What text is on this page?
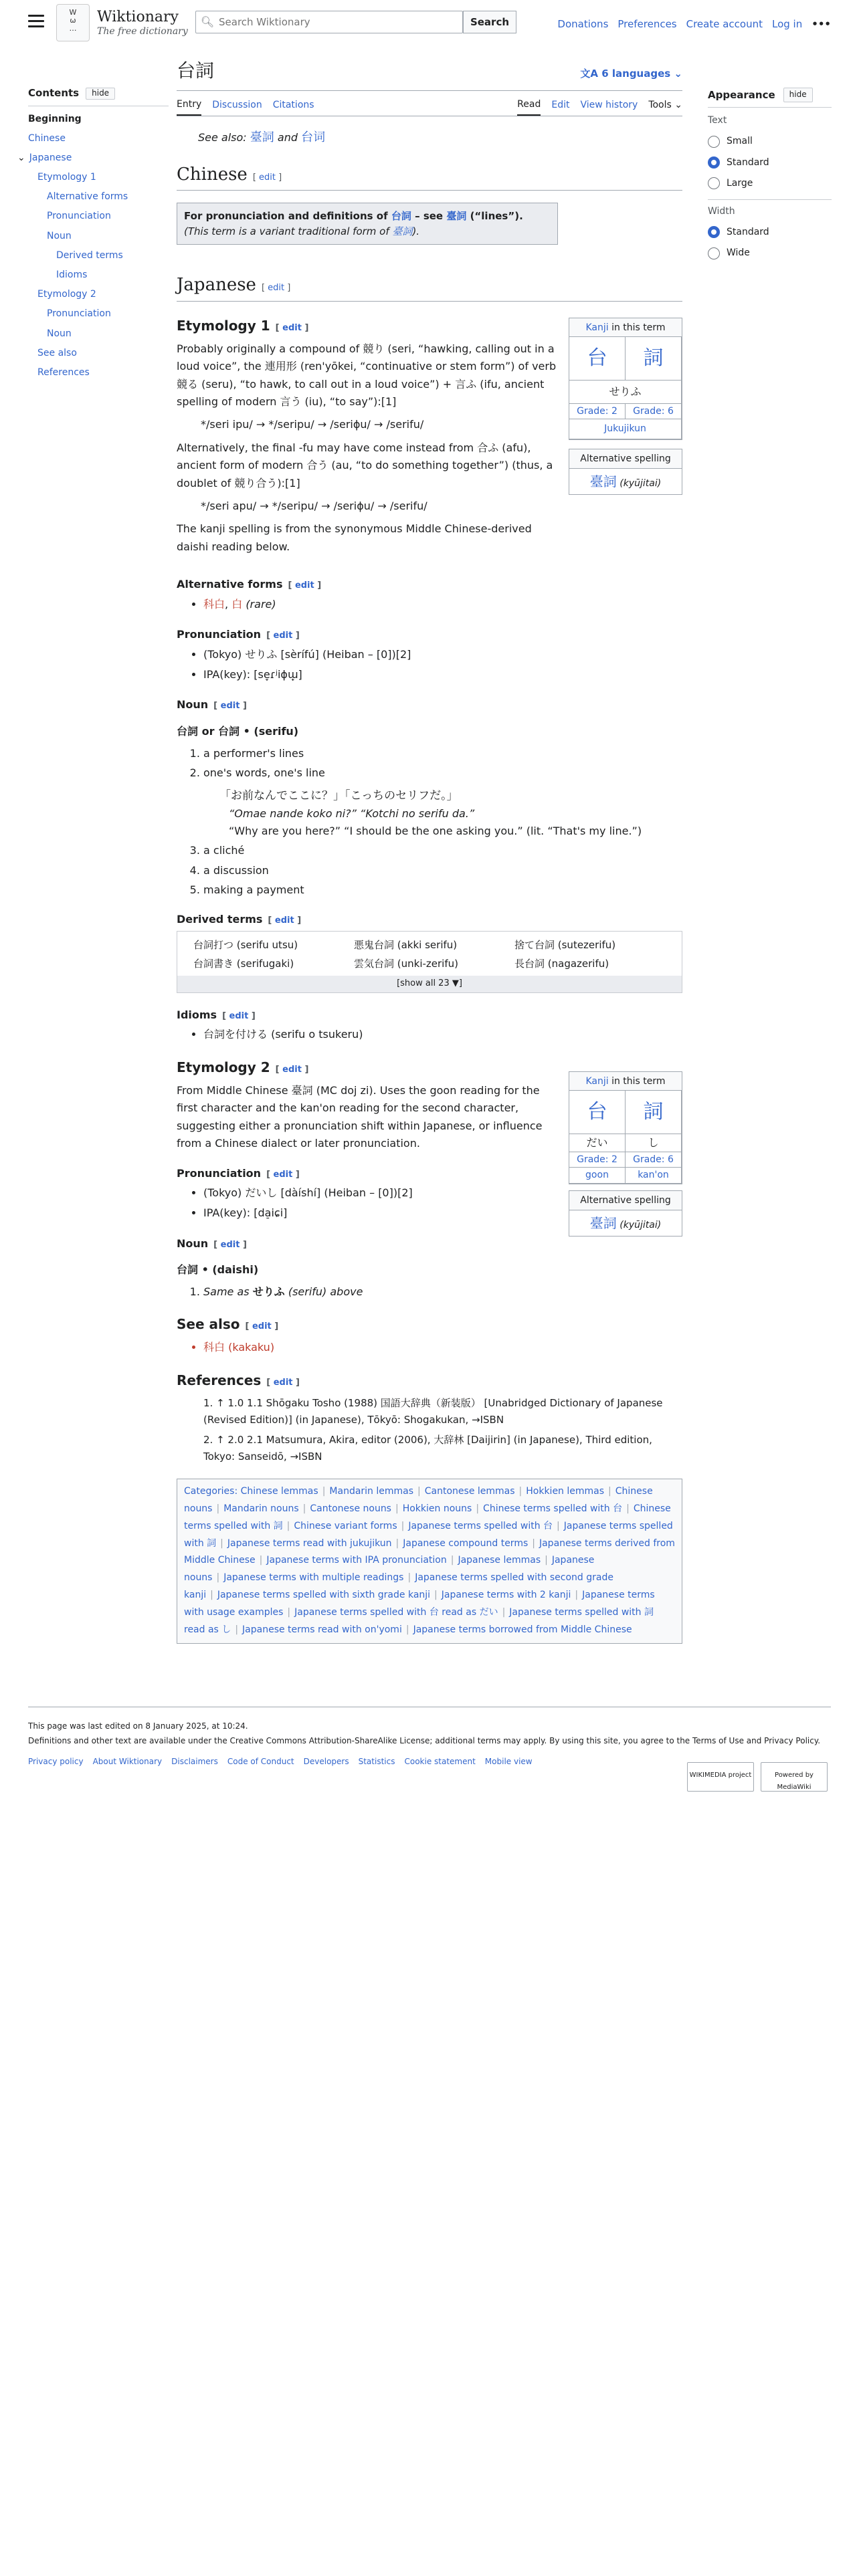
W
ω
…
Wiktionary
The free dictionary
🔍︎
Search Wiktionary	Search	Donations Preferences Create account Log in •••
Contents	hide
Beginning
Chinese
⌄ Japanese
Etymology 1
Alternative forms
Pronunciation
Noun
Derived terms
Idioms
Etymology 2
Pronunciation
Noun
See also
References
Appearance	hide
Text
Small
Standard
Large
Width
Standard
Wide
台詞	文A 6 languages ⌄
Entry Discussion Citations	Read Edit View history Tools ⌄
See also: 臺詞 and 台词
Chinese [ edit ]
For pronunciation and definitions of 台詞 – see 臺詞 (“lines”).
(This term is a variant traditional form of 臺詞).
Japanese [ edit ]
Kanji in this term
台	詞
せりふ
Grade: 2	Grade: 6
Jukujikun
Alternative spelling
臺詞 (kyūjitai)
Etymology 1 [ edit ]

Probably originally a compound of 競り (seri, “hawking, calling out in a loud voice”, the 連用形 (ren'yōkei, “continuative or stem form”) of verb 競る (seru), “to hawk, to call out in a loud voice”) + 言ふ (ifu, ancient spelling of modern 言う (iu), “to say”):[1]

*/seri ipu/ → */seripu/ → /seriɸu/ → /serifu/

Alternatively, the final -fu may have come instead from 合ふ (afu), ancient form of modern 合う (au, “to do something together”) (thus, a doublet of 競り合う):[1]

*/seri apu/ → */seripu/ → /seriɸu/ → /serifu/

The kanji spelling is from the synonymous Middle Chinese-derived daishi reading below.

Alternative forms [ edit ]
• 科白, 白 (rare)
Pronunciation [ edit ]
• (Tokyo) せりふ [sèrífú] (Heiban – [0])[2]
• IPA(key): [se̞ɾʲiɸɯ̟]
Noun [ edit ]

台詞 or 台詞 • (serifu)

1. a performer's lines
2. one's words, one's line
「お前なんでここに？」「こっちのセリフだ。」
“Omae nande koko ni?” “Kotchi no serifu da.”
“Why are you here?” “I should be the one asking you.” (lit. “That's my line.”)
3. a cliché
4. a discussion
5. making a payment
Derived terms [ edit ]
台詞打つ (serifu utsu)	悪鬼台詞 (akki serifu)	捨て台詞 (sutezerifu)
台詞書き (serifugaki)	雲気台詞 (unki-zerifu)	長台詞 (nagazerifu)
[show all 23 ▼]
Idioms [ edit ]
• 台詞を付ける (serifu o tsukeru)
Kanji in this term
台	詞
だい	し
Grade: 2	Grade: 6
goon	kan'on
Alternative spelling
臺詞 (kyūjitai)
Etymology 2 [ edit ]

From Middle Chinese 臺詞 (MC doj zi). Uses the goon reading for the first character and the kan'on reading for the second character, suggesting either a pronunciation shift within Japanese, or influence from a Chinese dialect or later pronunciation.

Pronunciation [ edit ]
• (Tokyo) だいし [dàíshí] (Heiban – [0])[2]
• IPA(key): [da̠iɕi]
Noun [ edit ]

台詞 • (daishi)

1. Same as せりふ (serifu) above
See also [ edit ]
• 科白 (kakaku)
References [ edit ]

1. ↑ 1.0 1.1 Shōgaku Tosho (1988) 国語大辞典（新装版） [Unabridged Dictionary of Japanese (Revised Edition)] (in Japanese), Tōkyō: Shogakukan, →ISBN

2. ↑ 2.0 2.1 Matsumura, Akira, editor (2006), 大辞林 [Daijirin] (in Japanese), Third edition, Tokyo: Sanseidō, →ISBN

Categories: Chinese lemmas | Mandarin lemmas | Cantonese lemmas | Hokkien lemmas | Chinese nouns | Mandarin nouns | Cantonese nouns | Hokkien nouns | Chinese terms spelled with 台 | Chinese terms spelled with 詞 | Chinese variant forms | Japanese terms spelled with 台 | Japanese terms spelled with 詞 | Japanese terms read with jukujikun | Japanese compound terms | Japanese terms derived from Middle Chinese | Japanese terms with IPA pronunciation | Japanese lemmas | Japanese nouns | Japanese terms with multiple readings | Japanese terms spelled with second grade kanji | Japanese terms spelled with sixth grade kanji | Japanese terms with 2 kanji | Japanese terms with usage examples | Japanese terms spelled with 台 read as だい | Japanese terms spelled with 詞 read as し | Japanese terms read with on'yomi | Japanese terms borrowed from Middle Chinese
This page was last edited on 8 January 2025, at 10:24.
Definitions and other text are available under the Creative Commons Attribution-ShareAlike License; additional terms may apply. By using this site, you agree to the Terms of Use and Privacy Policy.
Privacy policy About Wiktionary Disclaimers Code of Conduct Developers Statistics Cookie statement Mobile view
WIKIMEDIA project	Powered by MediaWiki
